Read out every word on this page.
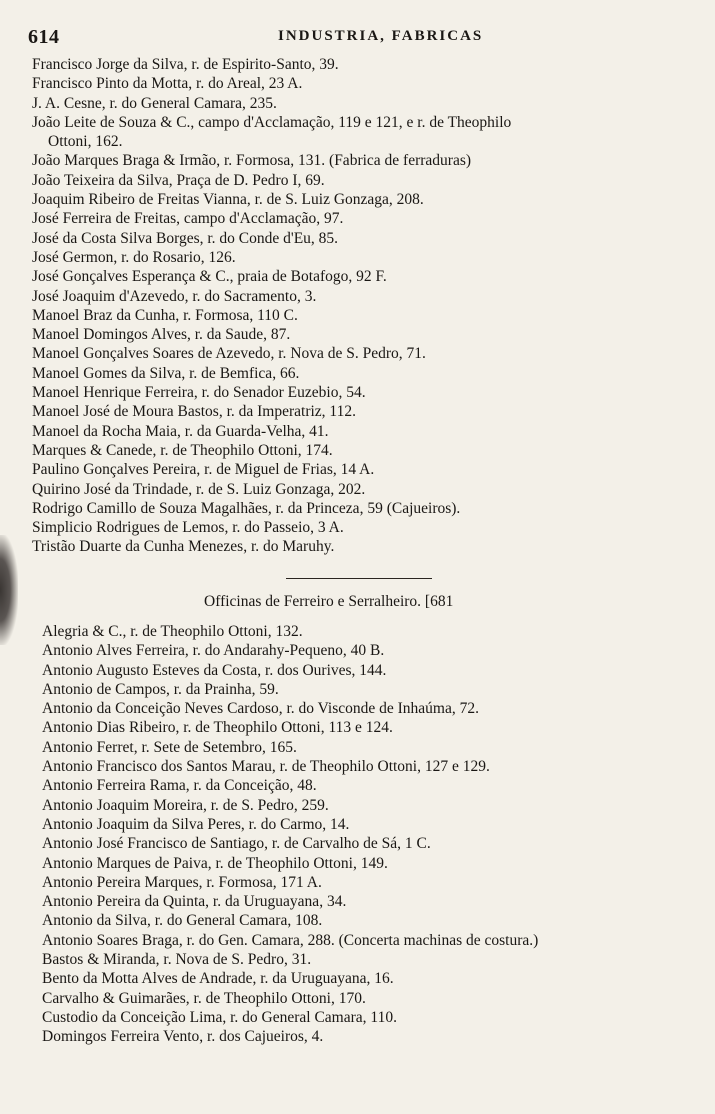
614	INDUSTRIA, FABRICAS
Francisco Jorge da Silva, r. de Espirito-Santo, 39.
Francisco Pinto da Motta, r. do Areal, 23 A.
J. A. Cesne, r. do General Camara, 235.
João Leite de Souza & C., campo d'Acclamação, 119 e 121, e r. de Theophilo
Ottoni, 162.
João Marques Braga & Irmão, r. Formosa, 131. (Fabrica de ferraduras)
João Teixeira da Silva, Praça de D. Pedro I, 69.
Joaquim Ribeiro de Freitas Vianna, r. de S. Luiz Gonzaga, 208.
José Ferreira de Freitas, campo d'Acclamação, 97.
José da Costa Silva Borges, r. do Conde d'Eu, 85.
José Germon, r. do Rosario, 126.
José Gonçalves Esperança & C., praia de Botafogo, 92 F.
José Joaquim d'Azevedo, r. do Sacramento, 3.
Manoel Braz da Cunha, r. Formosa, 110 C.
Manoel Domingos Alves, r. da Saude, 87.
Manoel Gonçalves Soares de Azevedo, r. Nova de S. Pedro, 71.
Manoel Gomes da Silva, r. de Bemfica, 66.
Manoel Henrique Ferreira, r. do Senador Euzebio, 54.
Manoel José de Moura Bastos, r. da Imperatriz, 112.
Manoel da Rocha Maia, r. da Guarda-Velha, 41.
Marques & Canede, r. de Theophilo Ottoni, 174.
Paulino Gonçalves Pereira, r. de Miguel de Frias, 14 A.
Quirino José da Trindade, r. de S. Luiz Gonzaga, 202.
Rodrigo Camillo de Souza Magalhães, r. da Princeza, 59 (Cajueiros).
Simplicio Rodrigues de Lemos, r. do Passeio, 3 A.
Tristão Duarte da Cunha Menezes, r. do Maruhy.
Officinas de Ferreiro e Serralheiro. [681
Alegria & C., r. de Theophilo Ottoni, 132.
Antonio Alves Ferreira, r. do Andarahy-Pequeno, 40 B.
Antonio Augusto Esteves da Costa, r. dos Ourives, 144.
Antonio de Campos, r. da Prainha, 59.
Antonio da Conceição Neves Cardoso, r. do Visconde de Inhaúma, 72.
Antonio Dias Ribeiro, r. de Theophilo Ottoni, 113 e 124.
Antonio Ferret, r. Sete de Setembro, 165.
Antonio Francisco dos Santos Marau, r. de Theophilo Ottoni, 127 e 129.
Antonio Ferreira Rama, r. da Conceição, 48.
Antonio Joaquim Moreira, r. de S. Pedro, 259.
Antonio Joaquim da Silva Peres, r. do Carmo, 14.
Antonio José Francisco de Santiago, r. de Carvalho de Sá, 1 C.
Antonio Marques de Paiva, r. de Theophilo Ottoni, 149.
Antonio Pereira Marques, r. Formosa, 171 A.
Antonio Pereira da Quinta, r. da Uruguayana, 34.
Antonio da Silva, r. do General Camara, 108.
Antonio Soares Braga, r. do Gen. Camara, 288. (Concerta machinas de costura.)
Bastos & Miranda, r. Nova de S. Pedro, 31.
Bento da Motta Alves de Andrade, r. da Uruguayana, 16.
Carvalho & Guimarães, r. de Theophilo Ottoni, 170.
Custodio da Conceição Lima, r. do General Camara, 110.
Domingos Ferreira Vento, r. dos Cajueiros, 4.
